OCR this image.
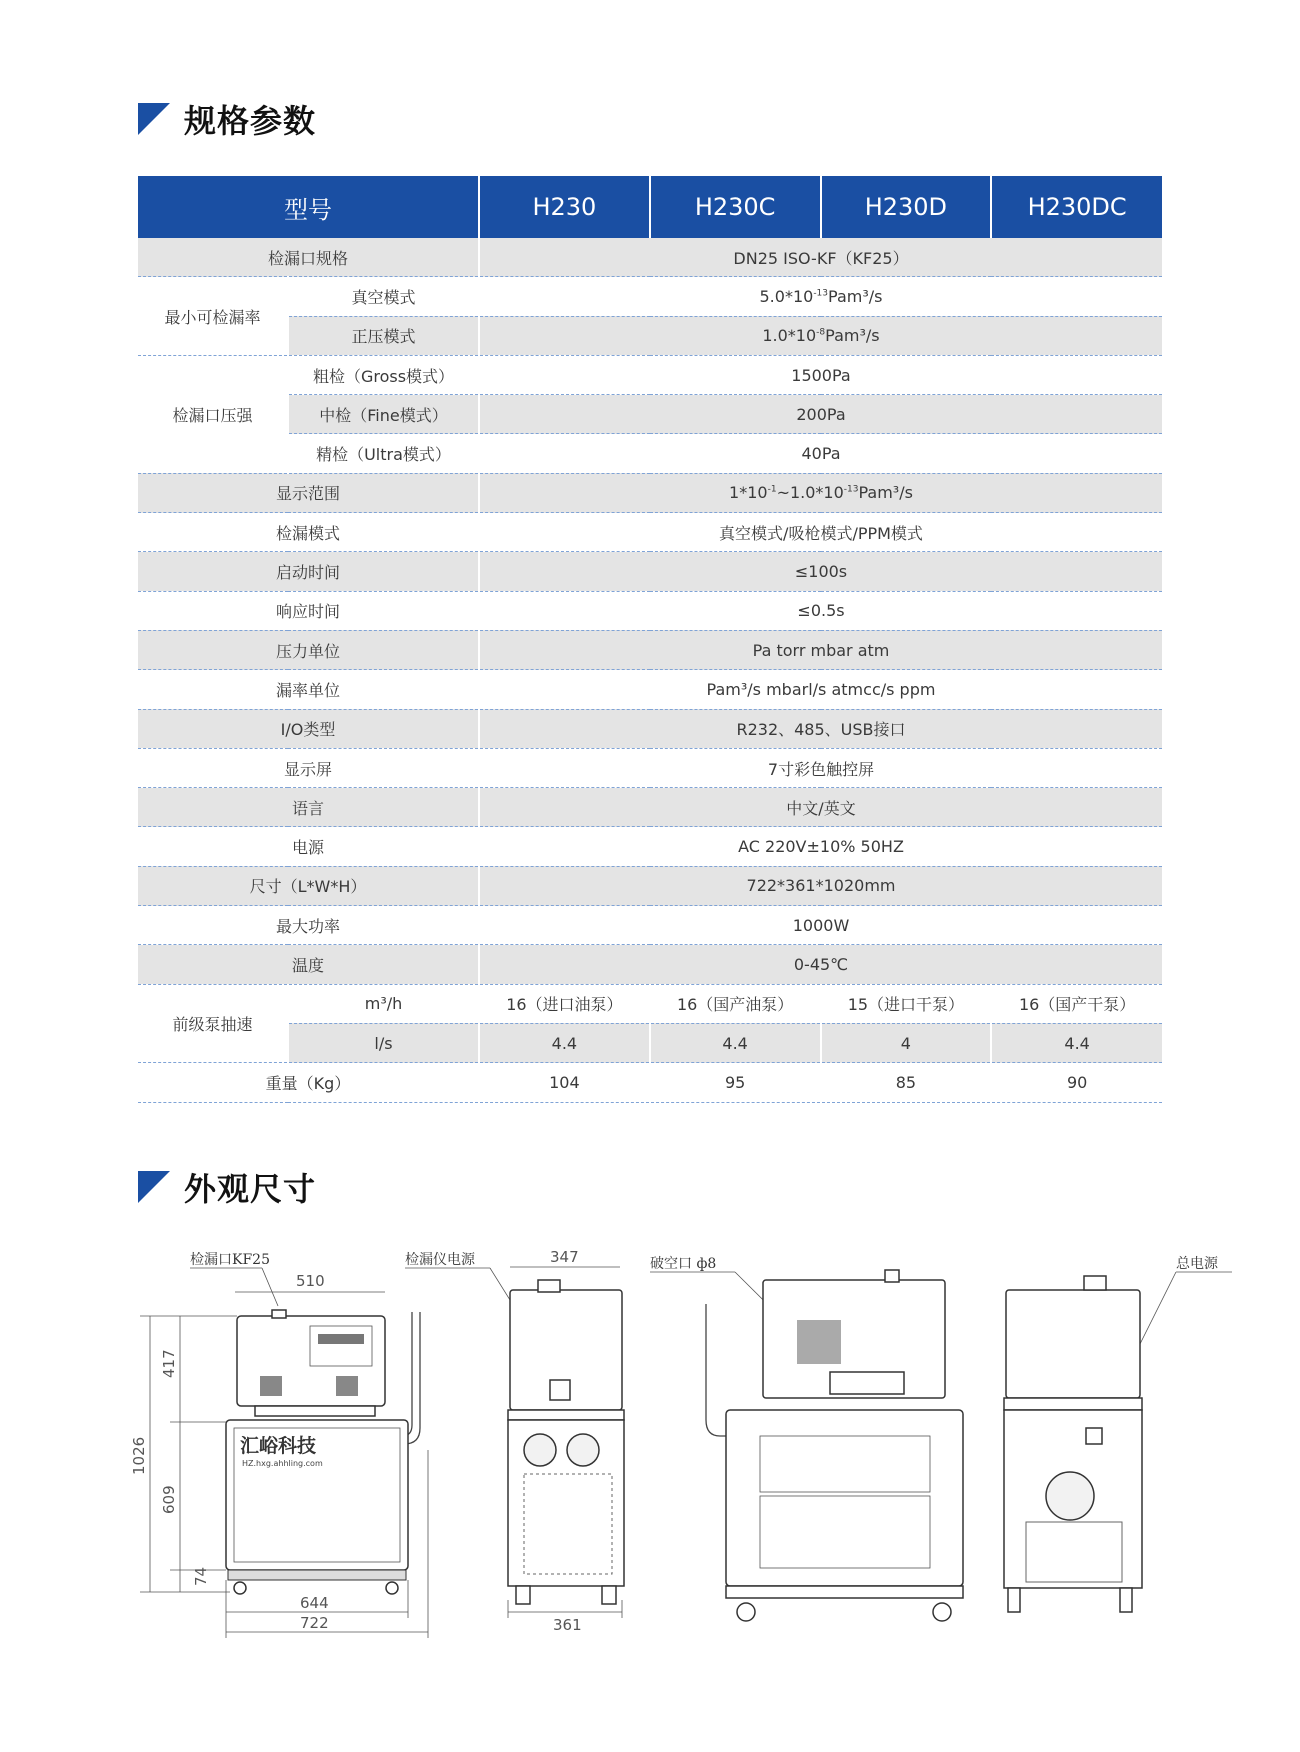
规格参数
型号		H230	H230C	H230D	H230DC
检漏口规格		DN25 ISO-KF（KF25）			
最小可检漏率	真空模式	$5.0*10^{-13}Pam^3/s$			
	正压模式	$1.0*10^{-8}Pam^3/s$			
检漏口压强	粗检（Gross模式）	1500Pa			
	中检（Fine模式）	200Pa			
	精检（Ultra模式）	40Pa			
显示范围		$1*10^{-1}\sim 1.0*10^{-13}Pam^3/s$			
检漏模式		真空模式/吸枪模式/PPM模式			
启动时间		≤100s			
响应时间		≤0.5s			
压力单位		Pa torr mbar atm			
漏率单位		Pam³/s mbarl/s atmcc/s ppm			
I/O类型		R232、485、USB接口			
显示屏		7寸彩色触控屏			
语言		中文/英文			
电源		AC 220V±10% 50HZ			
尺寸（L*W*H）		722*361*1020mm			
最大功率		1000W			
温度		0-45℃			
前级泵抽速	m³/h	16（进口油泵）	16（国产油泵）	15（进口干泵）	16（国产干泵）
	l/s	4.4	4.4	4	4.4
重量（Kg）		104	95	85	90
外观尺寸
检漏口KF25
510
汇峪科技
HZ.hxg.ahhling.com
1026
417
609
74
644
722
检漏仪电源	347
361
破空口 ф8	总电源
